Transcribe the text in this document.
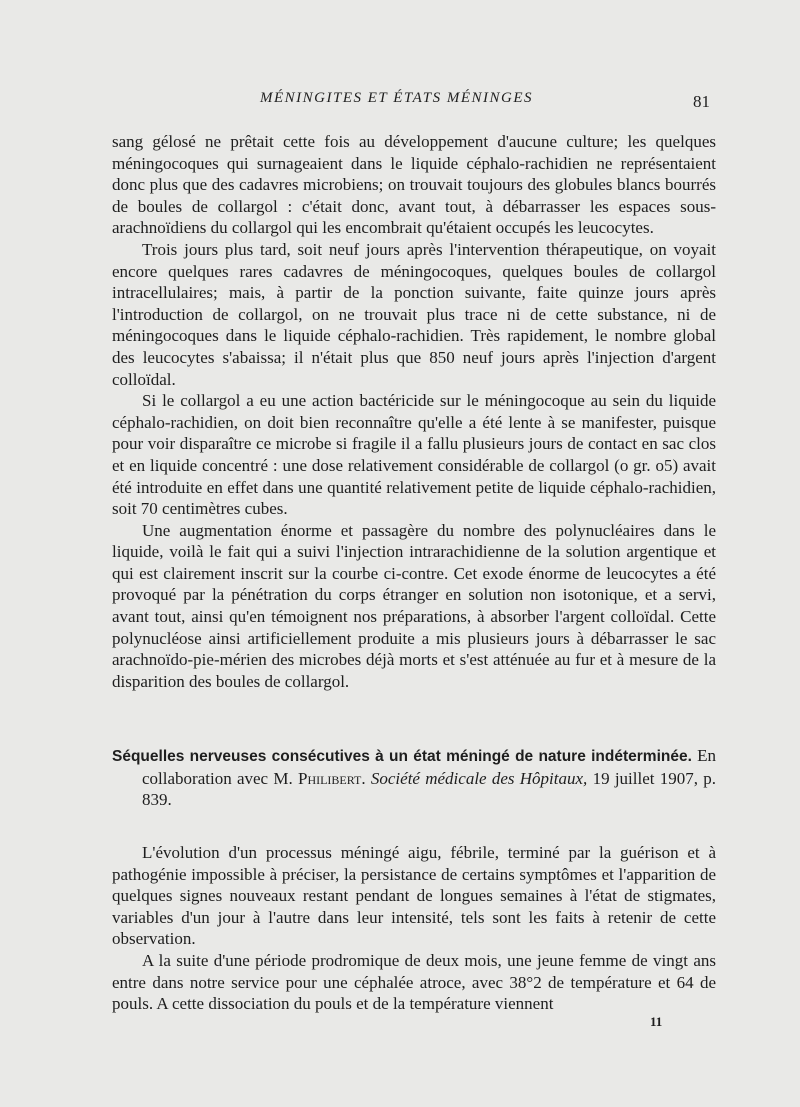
MÉNINGITES ET ÉTATS MÉNINGES	81

sang gélosé ne prêtait cette fois au développement d'aucune culture; les quelques méningocoques qui surnageaient dans le liquide céphalo-rachidien ne représentaient donc plus que des cadavres microbiens; on trouvait toujours des globules blancs bourrés de boules de collargol : c'était donc, avant tout, à débarrasser les espaces sous-arachnoïdiens du collargol qui les encombrait qu'étaient occupés les leucocytes.

Trois jours plus tard, soit neuf jours après l'intervention thérapeutique, on voyait encore quelques rares cadavres de méningocoques, quelques boules de collargol intracellulaires; mais, à partir de la ponction suivante, faite quinze jours après l'introduction de collargol, on ne trouvait plus trace ni de cette substance, ni de méningocoques dans le liquide céphalo-rachidien. Très rapidement, le nombre global des leucocytes s'abaissa; il n'était plus que 850 neuf jours après l'injection d'argent colloïdal.

Si le collargol a eu une action bactéricide sur le méningocoque au sein du liquide céphalo-rachidien, on doit bien reconnaître qu'elle a été lente à se manifester, puisque pour voir disparaître ce microbe si fragile il a fallu plusieurs jours de contact en sac clos et en liquide concentré : une dose relativement considérable de collargol (o gr. o5) avait été introduite en effet dans une quantité relativement petite de liquide céphalo-rachidien, soit 70 centimètres cubes.

Une augmentation énorme et passagère du nombre des polynucléaires dans le liquide, voilà le fait qui a suivi l'injection intrarachidienne de la solution argentique et qui est clairement inscrit sur la courbe ci-contre. Cet exode énorme de leucocytes a été provoqué par la pénétration du corps étranger en solution non isotonique, et a servi, avant tout, ainsi qu'en témoignent nos préparations, à absorber l'argent colloïdal. Cette polynucléose ainsi artificiellement produite a mis plusieurs jours à débarrasser le sac arachnoïdo-pie-mérien des microbes déjà morts et s'est atténuée au fur et à mesure de la disparition des boules de collargol.

Séquelles nerveuses consécutives à un état méningé de nature indéterminée. En collaboration avec M. Philibert. Société médicale des Hôpitaux, 19 juillet 1907, p. 839.

L'évolution d'un processus méningé aigu, fébrile, terminé par la guérison et à pathogénie impossible à préciser, la persistance de certains symptômes et l'apparition de quelques signes nouveaux restant pendant de longues semaines à l'état de stigmates, variables d'un jour à l'autre dans leur intensité, tels sont les faits à retenir de cette observation.

A la suite d'une période prodromique de deux mois, une jeune femme de vingt ans entre dans notre service pour une céphalée atroce, avec 38°2 de température et 64 de pouls. A cette dissociation du pouls et de la température viennent

11
